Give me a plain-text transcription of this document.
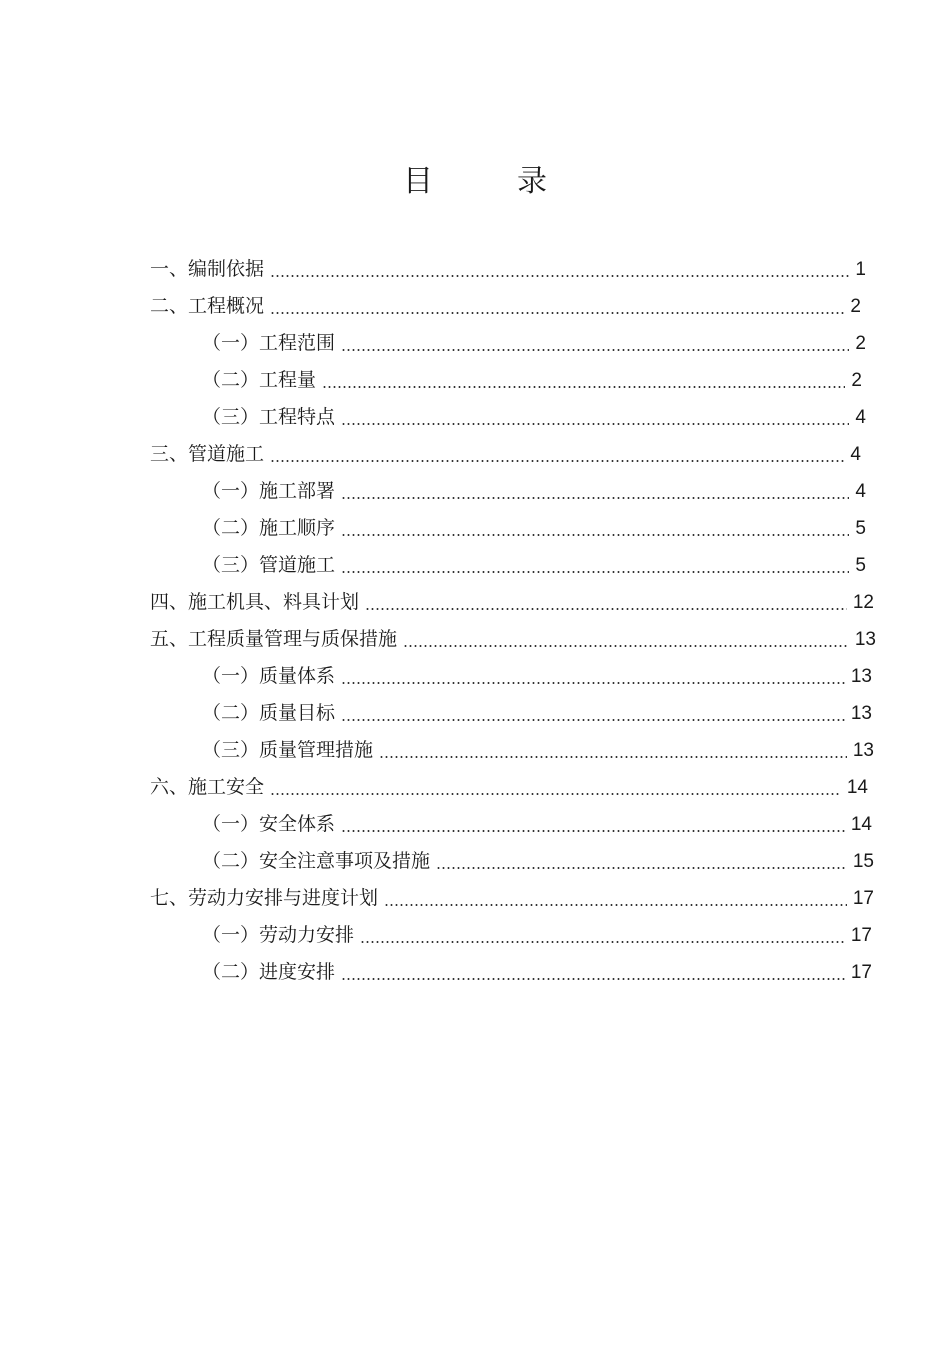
目	录
一、编制依据	1
二、工程概况	2
（一）工程范围	2
（二）工程量	2
（三）工程特点	4
三、管道施工	4
（一）施工部署	4
（二）施工顺序	5
（三）管道施工	5
四、施工机具、料具计划	12
五、工程质量管理与质保措施	13
（一）质量体系	13
（二）质量目标	13
（三）质量管理措施	13
六、施工安全	14
（一）安全体系	14
（二）安全注意事项及措施	15
七、劳动力安排与进度计划	17
（一）劳动力安排	17
（二）进度安排	17
